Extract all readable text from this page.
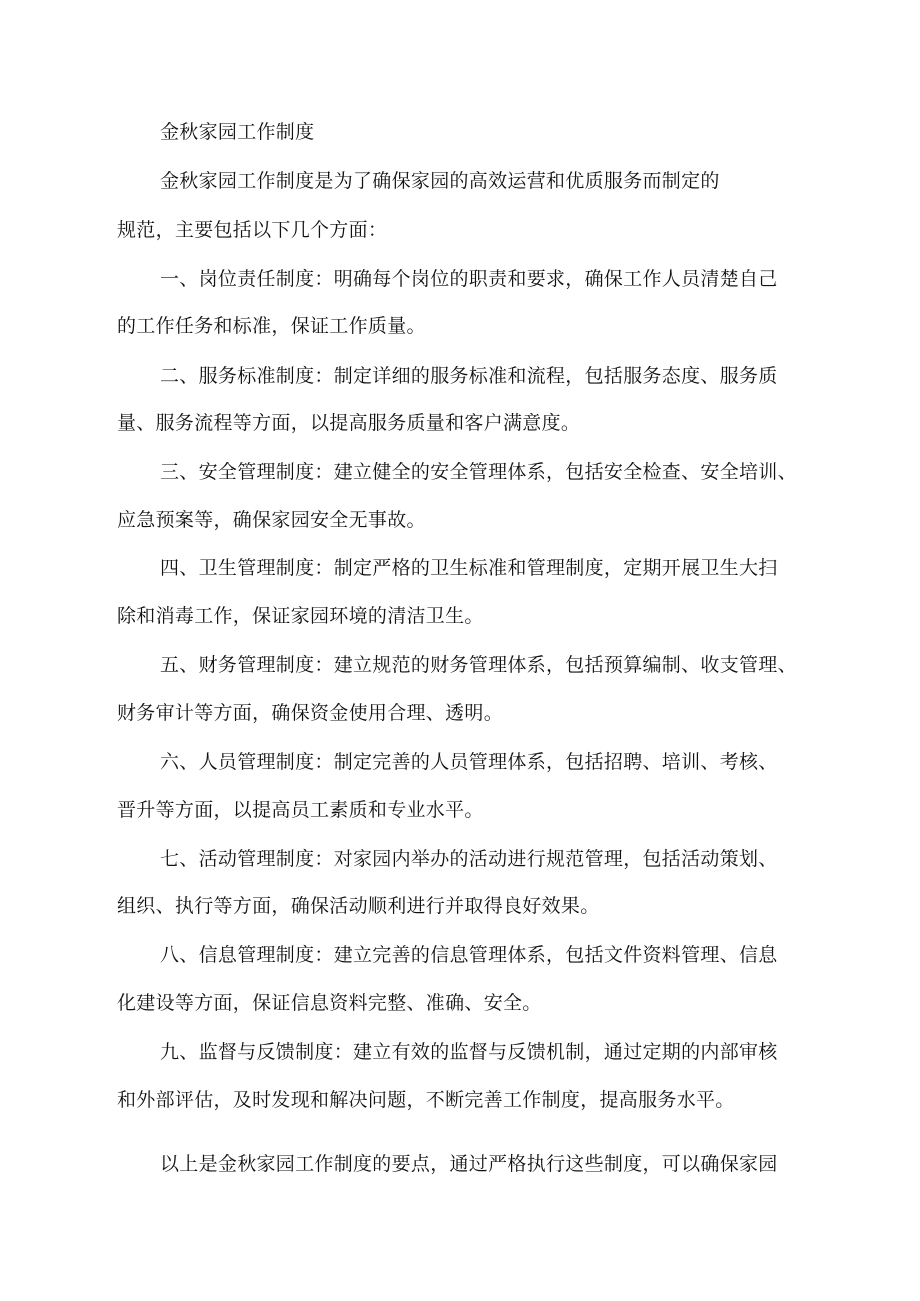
金秋家园工作制度
金秋家园工作制度是为了确保家园的高效运营和优质服务而制定的
规范，主要包括以下几个方面：
一、岗位责任制度：明确每个岗位的职责和要求，确保工作人员清楚自己
的工作任务和标准，保证工作质量。
二、服务标准制度：制定详细的服务标准和流程，包括服务态度、服务质
量、服务流程等方面，以提高服务质量和客户满意度。
三、安全管理制度：建立健全的安全管理体系，包括安全检查、安全培训、
应急预案等，确保家园安全无事故。
四、卫生管理制度：制定严格的卫生标准和管理制度，定期开展卫生大扫
除和消毒工作，保证家园环境的清洁卫生。
五、财务管理制度：建立规范的财务管理体系，包括预算编制、收支管理、
财务审计等方面，确保资金使用合理、透明。
六、人员管理制度：制定完善的人员管理体系，包括招聘、培训、考核、
晋升等方面，以提高员工素质和专业水平。
七、活动管理制度：对家园内举办的活动进行规范管理，包括活动策划、
组织、执行等方面，确保活动顺利进行并取得良好效果。
八、信息管理制度：建立完善的信息管理体系，包括文件资料管理、信息
化建设等方面，保证信息资料完整、准确、安全。
九、监督与反馈制度：建立有效的监督与反馈机制，通过定期的内部审核
和外部评估，及时发现和解决问题，不断完善工作制度，提高服务水平。
以上是金秋家园工作制度的要点，通过严格执行这些制度，可以确保家园
